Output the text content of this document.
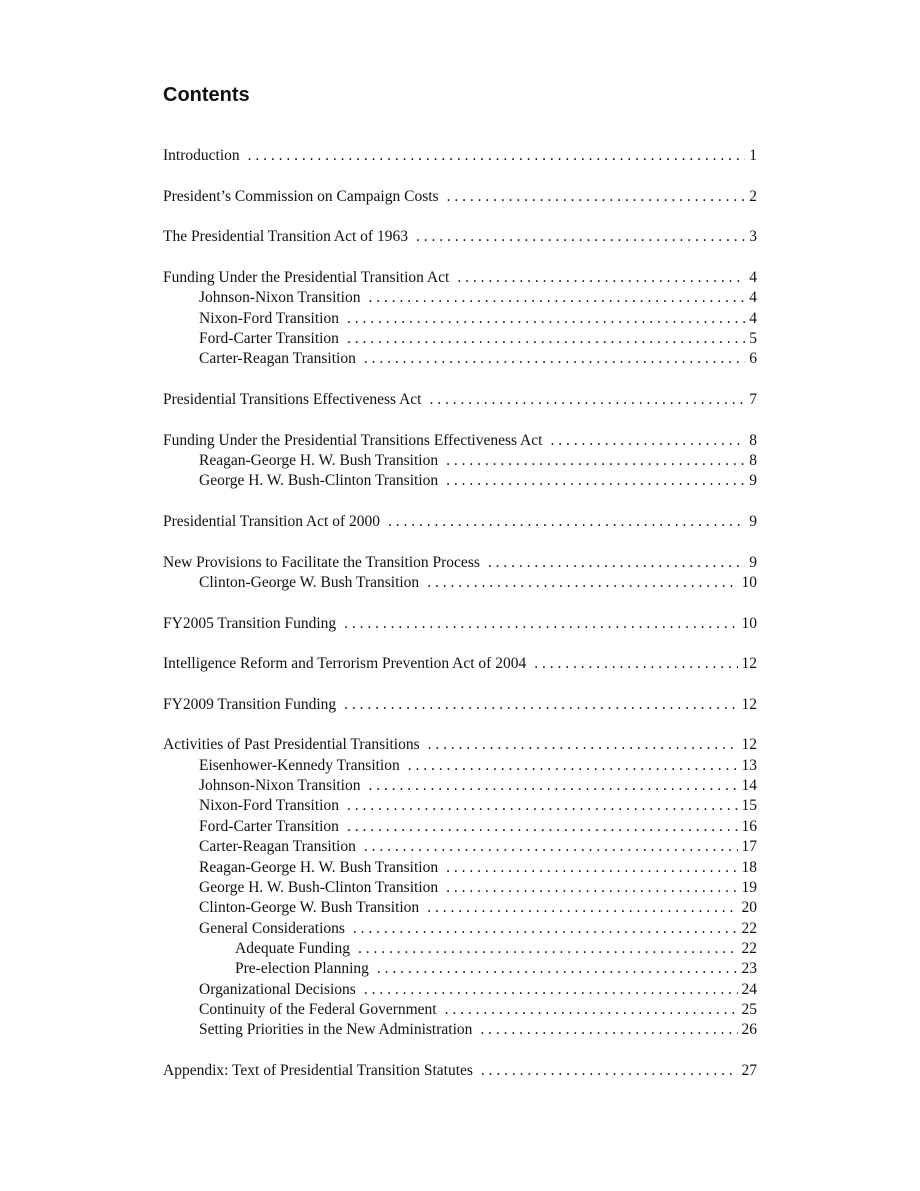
Contents
Introduction . . .	1
President’s Commission on Campaign Costs . . .	2
The Presidential Transition Act of 1963 . . .	3
Funding Under the Presidential Transition Act . . .	4
Johnson-Nixon Transition . . .	4
Nixon-Ford Transition . . .	4
Ford-Carter Transition . . .	5
Carter-Reagan Transition . . .	6
Presidential Transitions Effectiveness Act . . .	7
Funding Under the Presidential Transitions Effectiveness Act . . .	8
Reagan-George H. W. Bush Transition . . .	8
George H. W. Bush-Clinton Transition . . .	9
Presidential Transition Act of 2000 . . .	9
New Provisions to Facilitate the Transition Process . . .	9
Clinton-George W. Bush Transition . . .	10
FY2005 Transition Funding . . .	10
Intelligence Reform and Terrorism Prevention Act of 2004 . . .	12
FY2009 Transition Funding . . .	12
Activities of Past Presidential Transitions . . .	12
Eisenhower-Kennedy Transition . . .	13
Johnson-Nixon Transition . . .	14
Nixon-Ford Transition . . .	15
Ford-Carter Transition . . .	16
Carter-Reagan Transition . . .	17
Reagan-George H. W. Bush Transition . . .	18
George H. W. Bush-Clinton Transition . . .	19
Clinton-George W. Bush Transition . . .	20
General Considerations . . .	22
Adequate Funding . . .	22
Pre-election Planning . . .	23
Organizational Decisions . . .	24
Continuity of the Federal Government . . .	25
Setting Priorities in the New Administration . . .	26
Appendix: Text of Presidential Transition Statutes . . .	27
